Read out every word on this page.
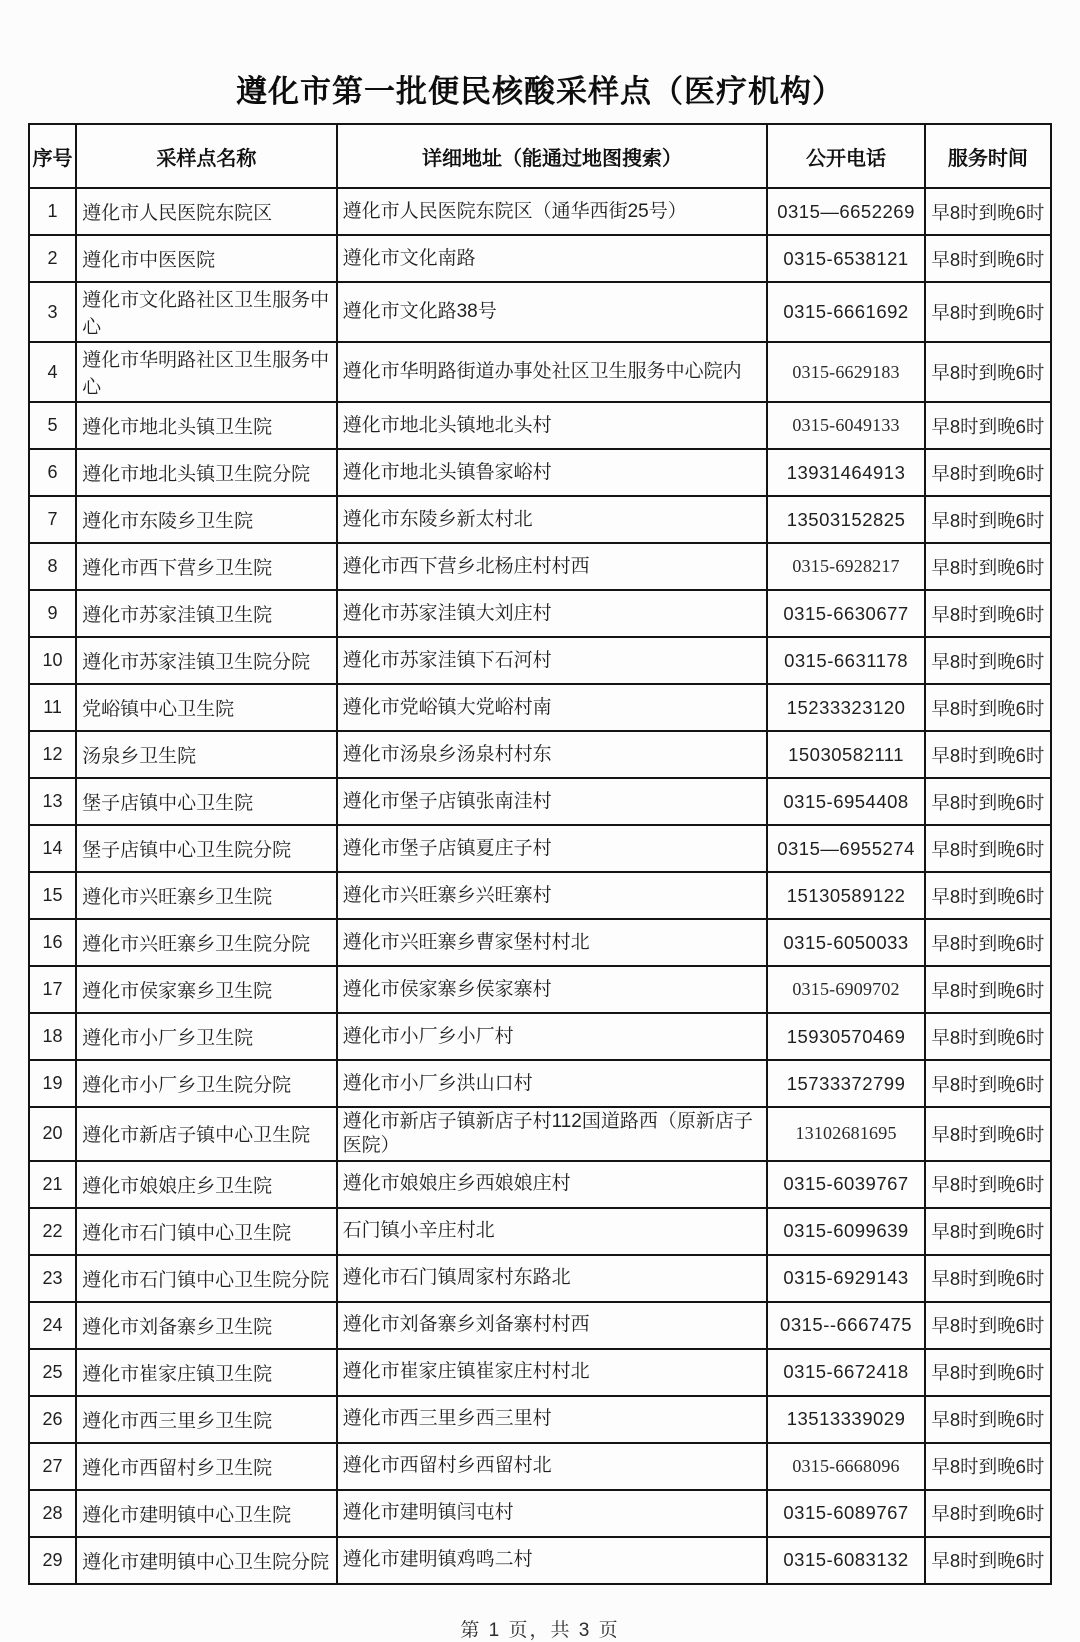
遵化市第一批便民核酸采样点（医疗机构）
序号	采样点名称	详细地址（能通过地图搜索）	公开电话	服务时间
1	遵化市人民医院东院区	遵化市人民医院东院区（通华西街25号）	0315—6652269	早8时到晚6时
2	遵化市中医医院	遵化市文化南路	0315-6538121	早8时到晚6时
3	遵化市文化路社区卫生服务中心	遵化市文化路38号	0315-6661692	早8时到晚6时
4	遵化市华明路社区卫生服务中心	遵化市华明路街道办事处社区卫生服务中心院内	0315-6629183	早8时到晚6时
5	遵化市地北头镇卫生院	遵化市地北头镇地北头村	0315-6049133	早8时到晚6时
6	遵化市地北头镇卫生院分院	遵化市地北头镇鲁家峪村	13931464913	早8时到晚6时
7	遵化市东陵乡卫生院	遵化市东陵乡新太村北	13503152825	早8时到晚6时
8	遵化市西下营乡卫生院	遵化市西下营乡北杨庄村村西	0315-6928217	早8时到晚6时
9	遵化市苏家洼镇卫生院	遵化市苏家洼镇大刘庄村	0315-6630677	早8时到晚6时
10	遵化市苏家洼镇卫生院分院	遵化市苏家洼镇下石河村	0315-6631178	早8时到晚6时
11	党峪镇中心卫生院	遵化市党峪镇大党峪村南	15233323120	早8时到晚6时
12	汤泉乡卫生院	遵化市汤泉乡汤泉村村东	15030582111	早8时到晚6时
13	堡子店镇中心卫生院	遵化市堡子店镇张南洼村	0315-6954408	早8时到晚6时
14	堡子店镇中心卫生院分院	遵化市堡子店镇夏庄子村	0315—6955274	早8时到晚6时
15	遵化市兴旺寨乡卫生院	遵化市兴旺寨乡兴旺寨村	15130589122	早8时到晚6时
16	遵化市兴旺寨乡卫生院分院	遵化市兴旺寨乡曹家堡村村北	0315-6050033	早8时到晚6时
17	遵化市侯家寨乡卫生院	遵化市侯家寨乡侯家寨村	0315-6909702	早8时到晚6时
18	遵化市小厂乡卫生院	遵化市小厂乡小厂村	15930570469	早8时到晚6时
19	遵化市小厂乡卫生院分院	遵化市小厂乡洪山口村	15733372799	早8时到晚6时
20	遵化市新店子镇中心卫生院	遵化市新店子镇新店子村112国道路西（原新店子医院）	13102681695	早8时到晚6时
21	遵化市娘娘庄乡卫生院	遵化市娘娘庄乡西娘娘庄村	0315-6039767	早8时到晚6时
22	遵化市石门镇中心卫生院	石门镇小辛庄村北	0315-6099639	早8时到晚6时
23	遵化市石门镇中心卫生院分院	遵化市石门镇周家村东路北	0315-6929143	早8时到晚6时
24	遵化市刘备寨乡卫生院	遵化市刘备寨乡刘备寨村村西	0315--6667475	早8时到晚6时
25	遵化市崔家庄镇卫生院	遵化市崔家庄镇崔家庄村村北	0315-6672418	早8时到晚6时
26	遵化市西三里乡卫生院	遵化市西三里乡西三里村	13513339029	早8时到晚6时
27	遵化市西留村乡卫生院	遵化市西留村乡西留村北	0315-6668096	早8时到晚6时
28	遵化市建明镇中心卫生院	遵化市建明镇闫屯村	0315-6089767	早8时到晚6时
29	遵化市建明镇中心卫生院分院	遵化市建明镇鸡鸣二村	0315-6083132	早8时到晚6时
第 1 页，共 3 页
